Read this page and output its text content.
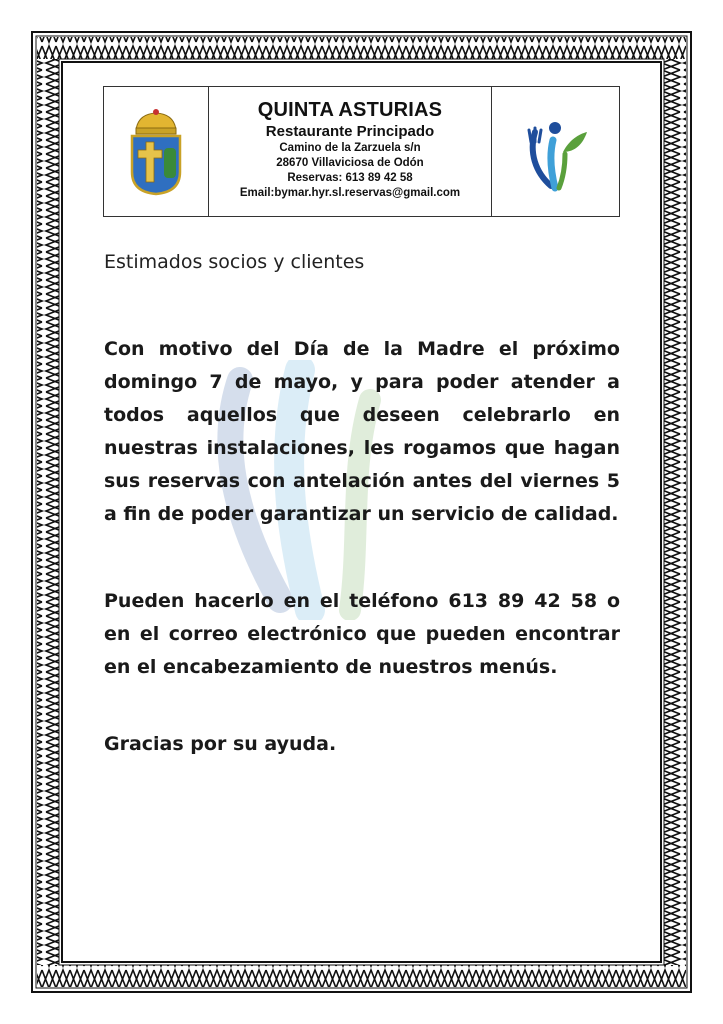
QUINTA ASTURIAS
Restaurante Principado
Camino de la Zarzuela s/n
28670 Villaviciosa de Odón
Reservas: 613 89 42 58
Email:bymar.hyr.sl.reservas@gmail.com
Estimados socios y clientes
Con motivo del Día de la Madre el próximo domingo 7 de mayo, y para poder atender a todos aquellos que deseen celebrarlo en nuestras instalaciones, les rogamos que hagan sus reservas con antelación antes del viernes 5 a fin de poder garantizar un servicio de calidad.
Pueden hacerlo en el teléfono 613 89 42 58 o en el correo electrónico que pueden encontrar en el encabezamiento de nuestros menús.
Gracias por su ayuda.
